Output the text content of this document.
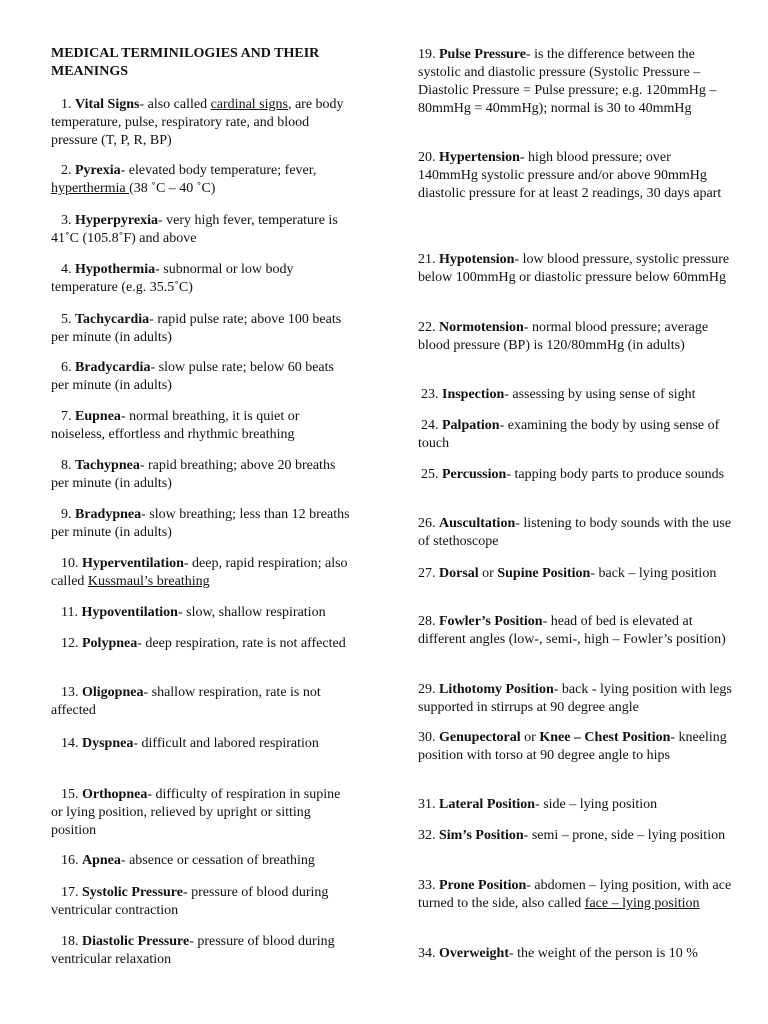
MEDICAL TERMINILOGIES AND THEIR MEANINGS

1. Vital Signs- also called cardinal signs, are body temperature, pulse, respiratory rate, and blood pressure (T, P, R, BP)

2. Pyrexia- elevated body temperature; fever, hyperthermia (38 ˚C – 40 ˚C)

3. Hyperpyrexia- very high fever, temperature is 41˚C (105.8˚F) and above

4. Hypothermia- subnormal or low body temperature (e.g. 35.5˚C)

5. Tachycardia- rapid pulse rate; above 100 beats per minute (in adults)

6. Bradycardia- slow pulse rate; below 60 beats per minute (in adults)

7. Eupnea- normal breathing, it is quiet or noiseless, effortless and rhythmic breathing

8. Tachypnea- rapid breathing; above 20 breaths per minute (in adults)

9. Bradypnea- slow breathing; less than 12 breaths per minute (in adults)

10. Hyperventilation- deep, rapid respiration; also called Kussmaul’s breathing

11. Hypoventilation- slow, shallow respiration

12. Polypnea- deep respiration, rate is not affected

13. Oligopnea- shallow respiration, rate is not affected

14. Dyspnea- difficult and labored respiration

15. Orthopnea- difficulty of respiration in supine or lying position, relieved by upright or sitting position

16. Apnea- absence or cessation of breathing

17. Systolic Pressure- pressure of blood during ventricular contraction

18. Diastolic Pressure- pressure of blood during ventricular relaxation

19. Pulse Pressure- is the difference between the systolic and diastolic pressure (Systolic Pressure – Diastolic Pressure = Pulse pressure; e.g. 120mmHg – 80mmHg = 40mmHg); normal is 30 to 40mmHg

20. Hypertension- high blood pressure; over 140mmHg systolic pressure and/or above 90mmHg diastolic pressure for at least 2 readings, 30 days apart

21. Hypotension- low blood pressure, systolic pressure below 100mmHg or diastolic pressure below 60mmHg

22. Normotension- normal blood pressure; average blood pressure (BP) is 120/80mmHg (in adults)

23. Inspection- assessing by using sense of sight

24. Palpation- examining the body by using sense of touch

25. Percussion- tapping body parts to produce sounds

26. Auscultation- listening to body sounds with the use of stethoscope

27. Dorsal or Supine Position- back – lying position

28. Fowler’s Position- head of bed is elevated at different angles (low-, semi-, high – Fowler’s position)

29. Lithotomy Position- back - lying position with legs supported in stirrups at 90 degree angle

30. Genupectoral or Knee – Chest Position- kneeling position with torso at 90 degree angle to hips

31. Lateral Position- side – lying position

32. Sim’s Position- semi – prone, side – lying position

33. Prone Position- abdomen – lying position, with ace turned to the side, also called face – lying position

34. Overweight- the weight of the person is 10 %
